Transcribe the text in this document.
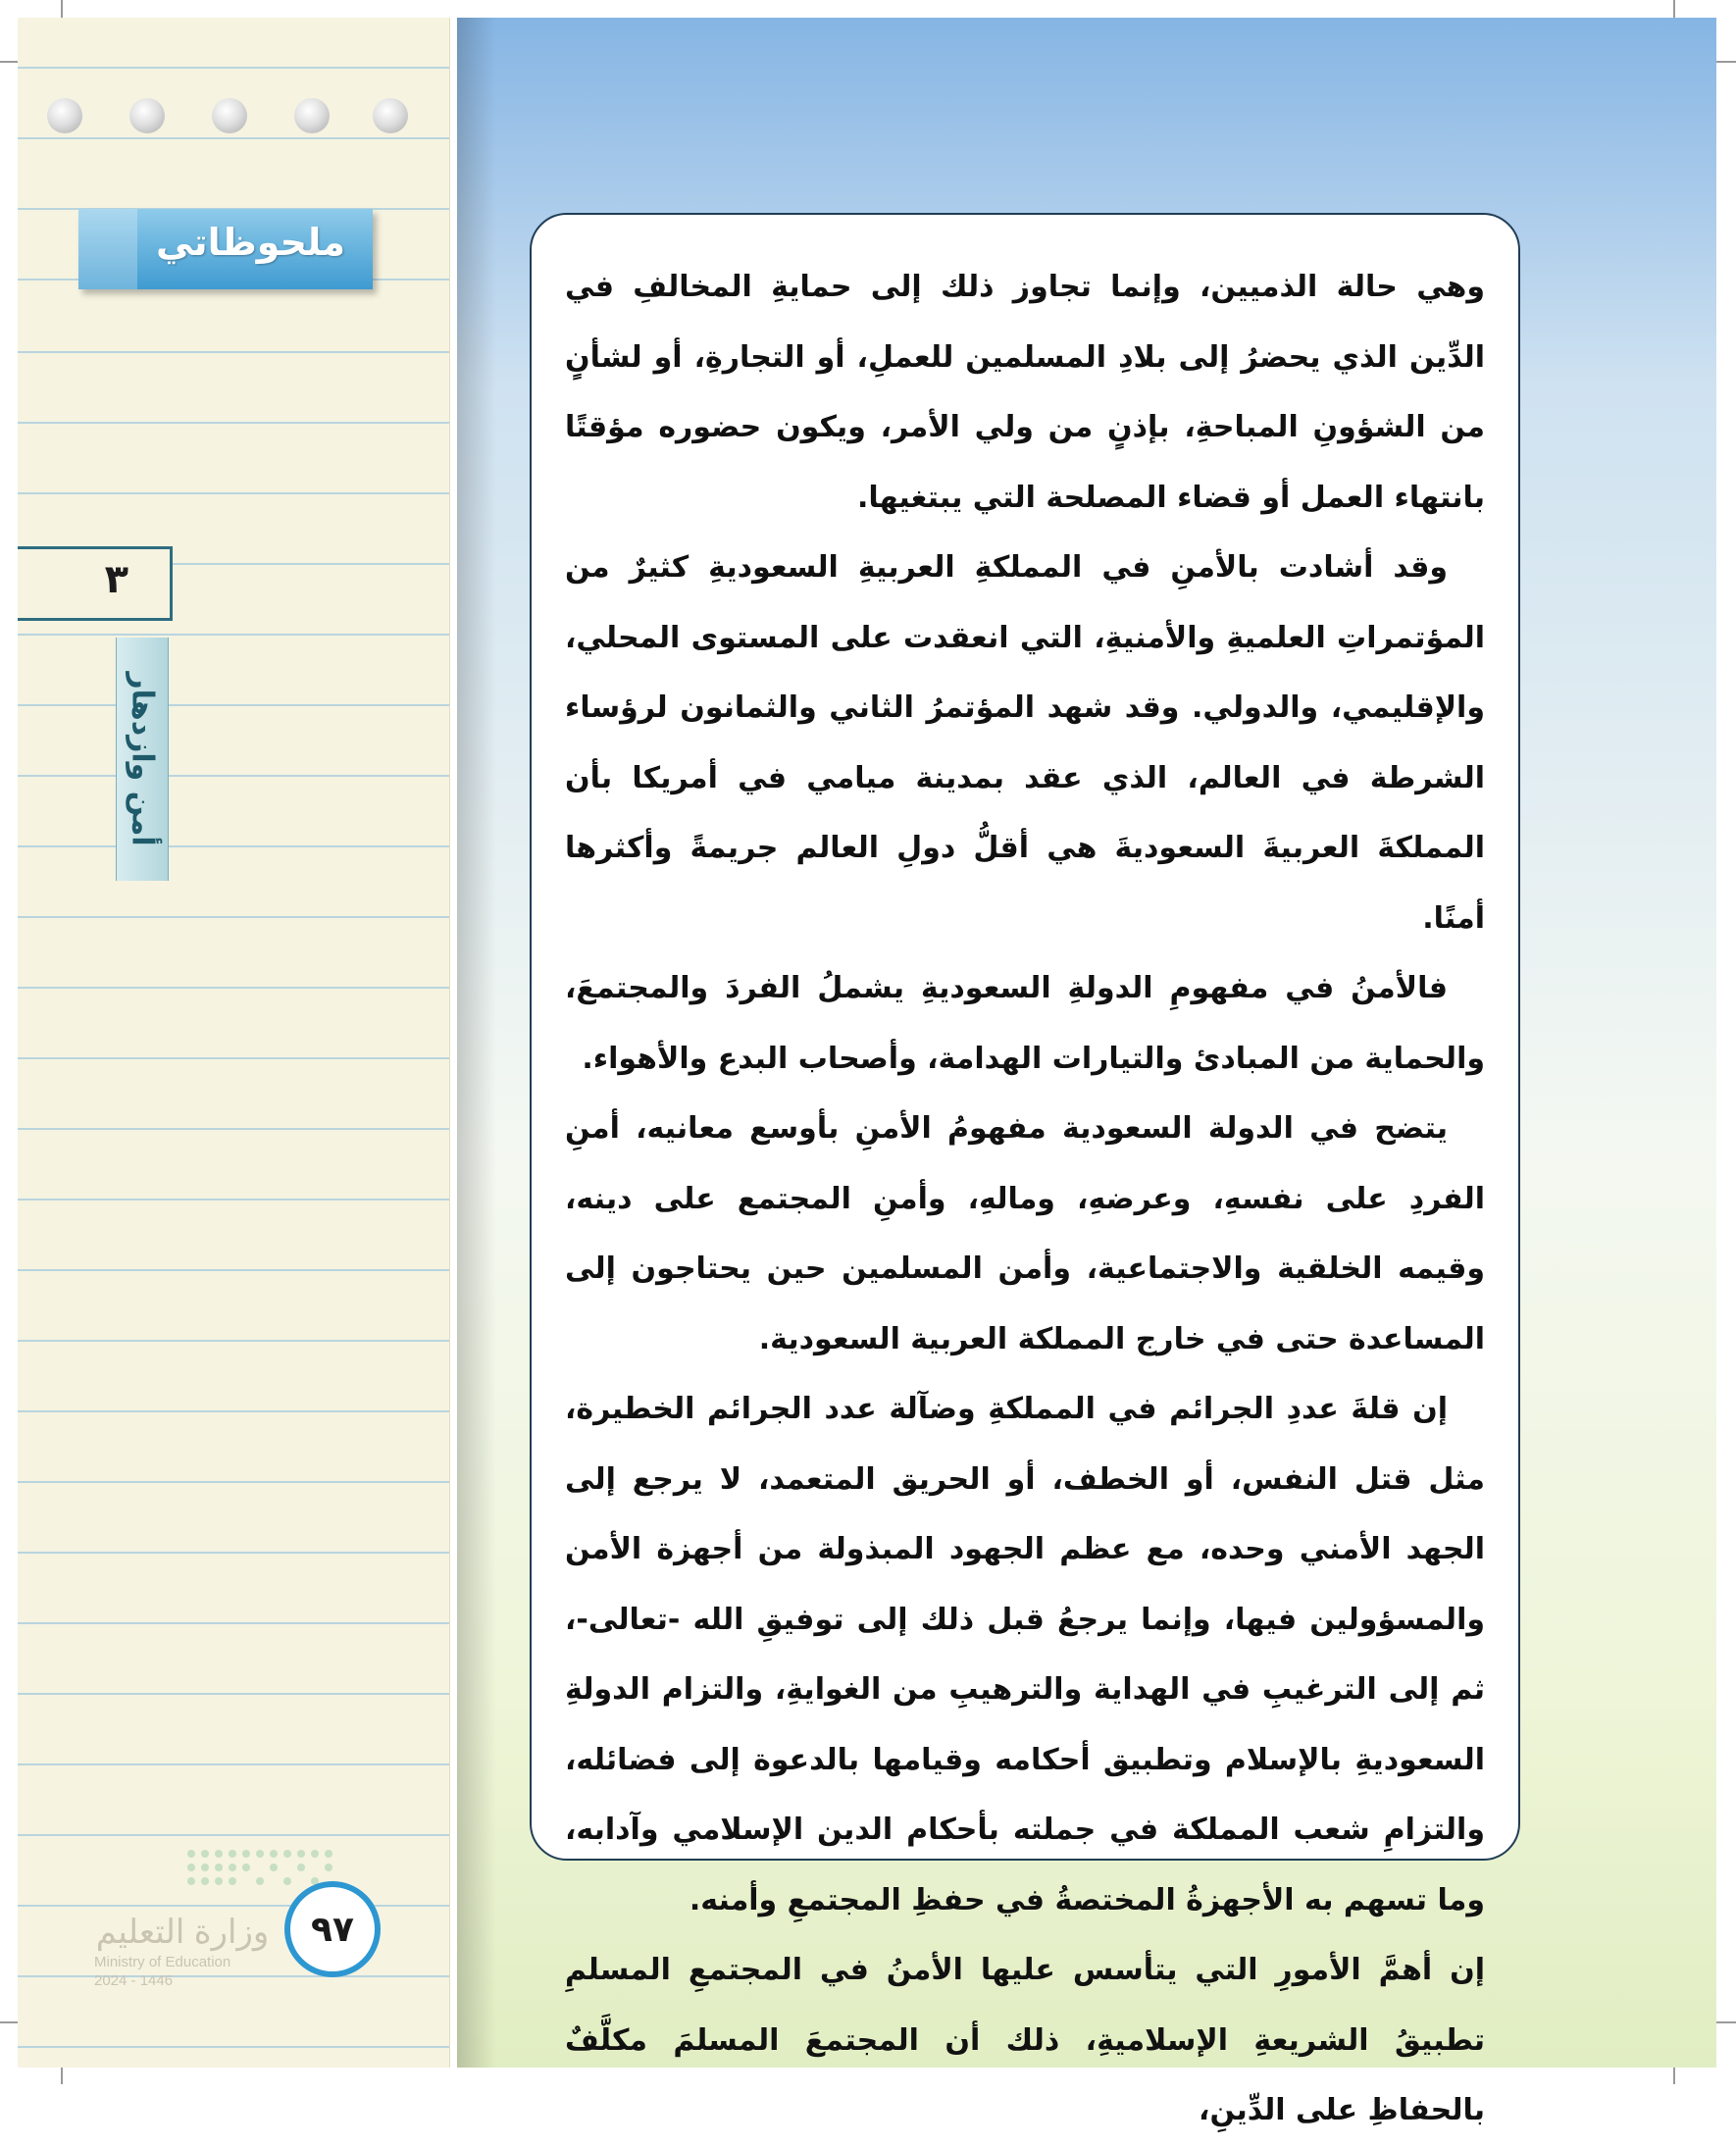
ملحوظاتي
٣
أمن وازدهار
وزارة التعليم
Ministry of Education
2024 - 1446
٩٧

وهي حالة الذميين، وإنما تجاوز ذلك إلى حمايةِ المخالفِ في الدِّين الذي يحضرُ إلى بلادِ المسلمين للعملِ، أو التجارةِ، أو لشأنٍ من الشؤونِ المباحةِ، بإذنٍ من ولي الأمر، ويكون حضوره مؤقتًا بانتهاء العمل أو قضاء المصلحة التي يبتغيها.

وقد أشادت بالأمنِ في المملكةِ العربيةِ السعوديةِ كثيرٌ من المؤتمراتِ العلميةِ والأمنيةِ، التي انعقدت على المستوى المحلي، والإقليمي، والدولي. وقد شهد المؤتمرُ الثاني والثمانون لرؤساء الشرطة في العالم، الذي عقد بمدينة ميامي في أمريكا بأن المملكةَ العربيةَ السعوديةَ هي أقلُّ دولِ العالم جريمةً وأكثرها أمنًا.

فالأمنُ في مفهومِ الدولةِ السعوديةِ يشملُ الفردَ والمجتمعَ، والحماية من المبادئ والتيارات الهدامة، وأصحاب البدع والأهواء.

يتضح في الدولة السعودية مفهومُ الأمنِ بأوسع معانيه، أمنِ الفردِ على نفسهِ، وعرضهِ، ومالهِ، وأمنِ المجتمع على دينه، وقيمه الخلقية والاجتماعية، وأمن المسلمين حين يحتاجون إلى المساعدة حتى في خارج المملكة العربية السعودية.

إن قلةَ عددِ الجرائم في المملكةِ وضآلة عدد الجرائم الخطيرة، مثل قتل النفس، أو الخطف، أو الحريق المتعمد، لا يرجع إلى الجهد الأمني وحده، مع عظم الجهود المبذولة من أجهزة الأمن والمسؤولين فيها، وإنما يرجعُ قبل ذلك إلى توفيقِ الله -تعالى-، ثم إلى الترغيبِ في الهداية والترهيبِ من الغوايةِ، والتزام الدولةِ السعوديةِ بالإسلام وتطبيق أحكامه وقيامها بالدعوة إلى فضائله، والتزامِ شعب المملكة في جملته بأحكام الدين الإسلامي وآدابه، وما تسهم به الأجهزةُ المختصةُ في حفظِ المجتمعِ وأمنه.

إن أهمَّ الأمورِ التي يتأسس عليها الأمنُ في المجتمعِ المسلمِ تطبيقُ الشريعةِ الإسلاميةِ، ذلك أن المجتمعَ المسلمَ مكلَّفٌ بالحفاظِ على الدِّينِ،
